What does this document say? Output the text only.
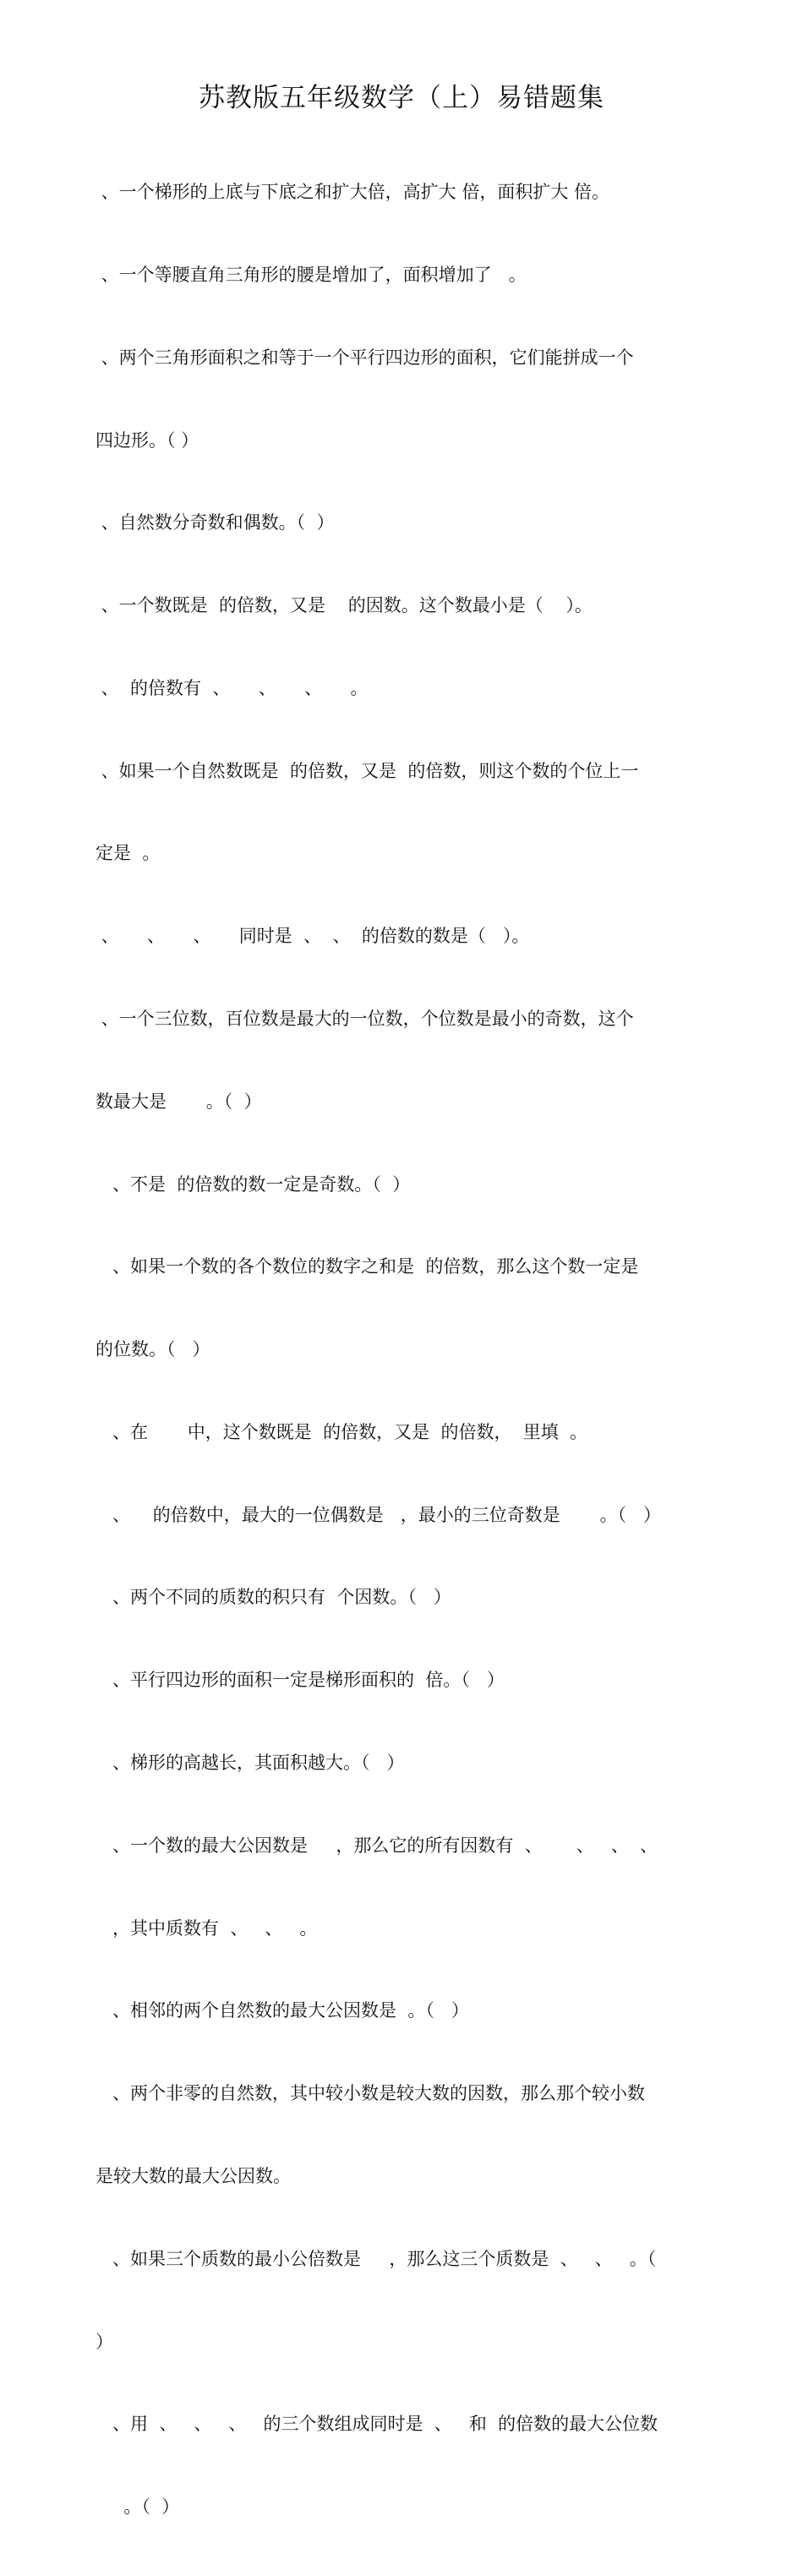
苏教版五年级数学（上）易错题集

、一个梯形的上底与下底之和扩大倍，高扩大 倍，面积扩大 倍。

、一个等腰直角三角形的腰是增加了，面积增加了   。

、两个三角形面积之和等于一个平行四边形的面积，它们能拼成一个

四边形。（ ）

、自然数分奇数和偶数。（  ）

、一个数既是  的倍数，又是    的因数。这个数最小是（    ）。

、  的倍数有  、     、     、     。

、如果一个自然数既是  的倍数，又是  的倍数，则这个数的个位上一

定是  。

、     、     、     同时是  、  、  的倍数的数是（   ）。

、一个三位数，百位数是最大的一位数，个位数是最小的奇数，这个

数最大是       。（  ）

、不是  的倍数的数一定是奇数。（  ）

、如果一个数的各个数位的数字之和是  的倍数，那么这个数一定是

的位数。（   ）

、在       中，这个数既是  的倍数，又是  的倍数，  里填  。

、    的倍数中，最大的一位偶数是   ，最小的三位奇数是       。（   ）

、两个不同的质数的积只有  个因数。（   ）

、平行四边形的面积一定是梯形面积的  倍。（   ）

、梯形的高越长，其面积越大。（   ）

、一个数的最大公因数是     ，那么它的所有因数有  、      、   、  、

，其中质数有  、   、   。

、相邻的两个自然数的最大公因数是  。（   ）

、两个非零的自然数，其中较小数是较大数的因数，那么那个较小数

是较大数的最大公因数。

、如果三个质数的最小公倍数是     ，那么这三个质数是  、   、   。（

）

、用  、   、   、   的三个数组成同时是  、   和  的倍数的最大公位数

。（  ）
